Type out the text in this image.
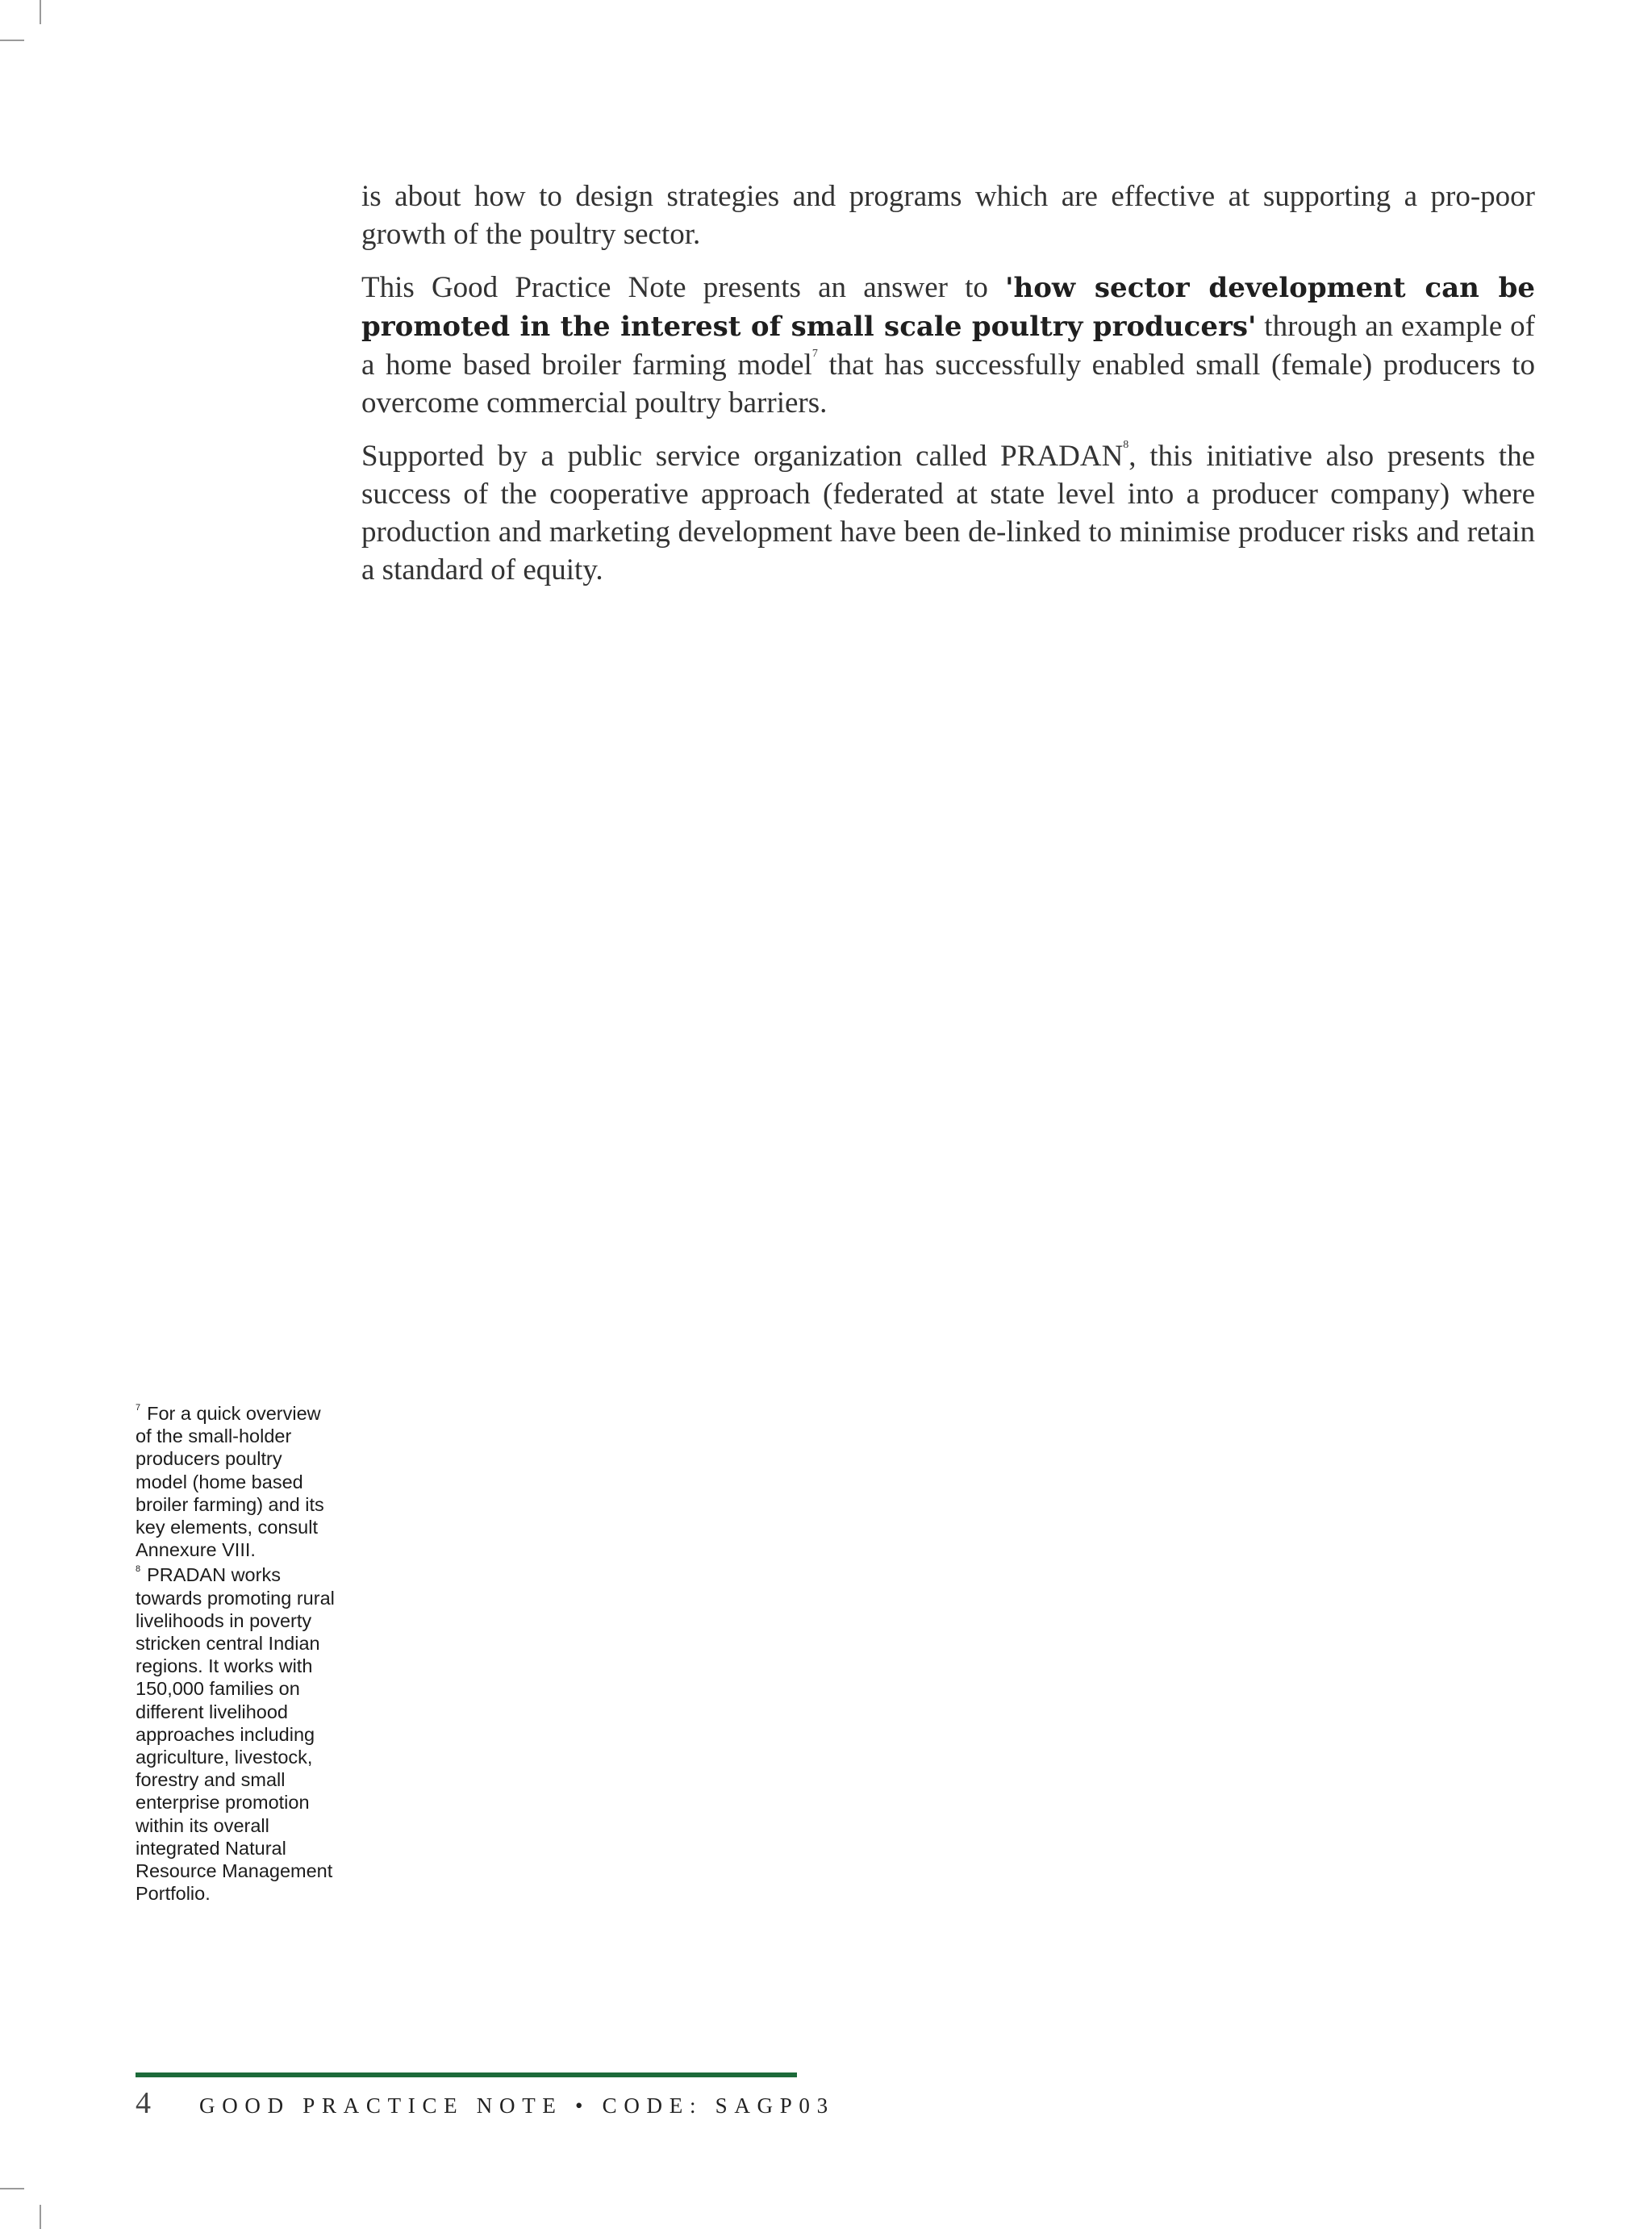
is about how to design strategies and programs which are effective at supporting a pro-poor growth of the poultry sector.

This Good Practice Note presents an answer to 'how sector development can be promoted in the interest of small scale poultry producers' through an example of a home based broiler farming model$^7$ that has successfully enabled small (female) producers to overcome commercial poultry barriers.

Supported by a public service organization called PRADAN$^8$, this initiative also presents the success of the cooperative approach (federated at state level into a producer company) where production and marketing development have been de-linked to minimise producer risks and retain a standard of equity.

$^7$ For a quick overview of the small-holder producers poultry model (home based broiler farming) and its key elements, consult Annexure VIII.

$^8$ PRADAN works towards promoting rural livelihoods in poverty stricken central Indian regions. It works with 150,000 families on different livelihood approaches including agriculture, livestock, forestry and small enterprise promotion within its overall integrated Natural Resource Management Portfolio.

4 GOOD PRACTICE NOTE • CODE: SAGP03
